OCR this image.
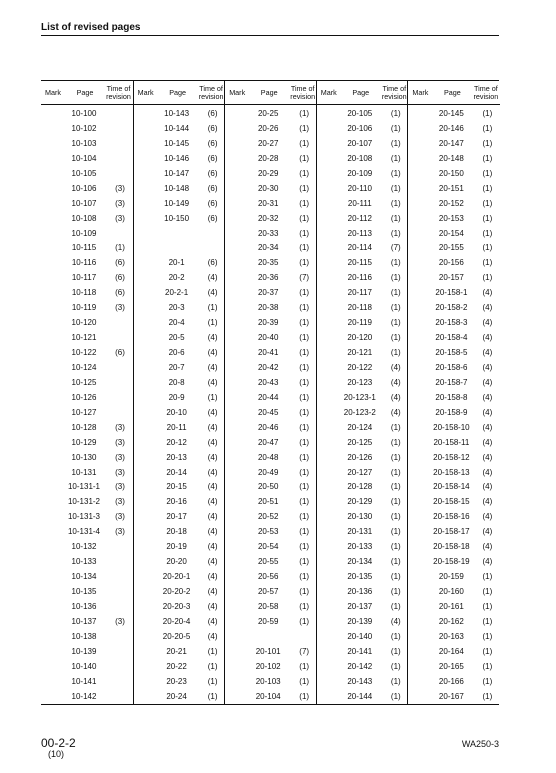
List of revised pages
Mark	Page	Time of
revision
10-100
10-102
10-103
10-104
10-105
10-106	(3)
10-107	(3)
10-108	(3)
10-109
10-115	(1)
10-116	(6)
10-117	(6)
10-118	(6)
10-119	(3)
10-120
10-121
10-122	(6)
10-124
10-125
10-126
10-127
10-128	(3)
10-129	(3)
10-130	(3)
10-131	(3)
10-131-1	(3)
10-131-2	(3)
10-131-3	(3)
10-131-4	(3)
10-132
10-133
10-134
10-135
10-136
10-137	(3)
10-138
10-139
10-140
10-141
10-142
Mark	Page	Time of
revision
10-143	(6)
10-144	(6)
10-145	(6)
10-146	(6)
10-147	(6)
10-148	(6)
10-149	(6)
10-150	(6)
20-1	(6)
20-2	(4)
20-2-1	(4)
20-3	(1)
20-4	(1)
20-5	(4)
20-6	(4)
20-7	(4)
20-8	(4)
20-9	(1)
20-10	(4)
20-11	(4)
20-12	(4)
20-13	(4)
20-14	(4)
20-15	(4)
20-16	(4)
20-17	(4)
20-18	(4)
20-19	(4)
20-20	(4)
20-20-1	(4)
20-20-2	(4)
20-20-3	(4)
20-20-4	(4)
20-20-5	(4)
20-21	(1)
20-22	(1)
20-23	(1)
20-24	(1)
Mark	Page	Time of
revision
20-25	(1)
20-26	(1)
20-27	(1)
20-28	(1)
20-29	(1)
20-30	(1)
20-31	(1)
20-32	(1)
20-33	(1)
20-34	(1)
20-35	(1)
20-36	(7)
20-37	(1)
20-38	(1)
20-39	(1)
20-40	(1)
20-41	(1)
20-42	(1)
20-43	(1)
20-44	(1)
20-45	(1)
20-46	(1)
20-47	(1)
20-48	(1)
20-49	(1)
20-50	(1)
20-51	(1)
20-52	(1)
20-53	(1)
20-54	(1)
20-55	(1)
20-56	(1)
20-57	(1)
20-58	(1)
20-59	(1)
20-101	(7)
20-102	(1)
20-103	(1)
20-104	(1)
Mark	Page	Time of
revision
20-105	(1)
20-106	(1)
20-107	(1)
20-108	(1)
20-109	(1)
20-110	(1)
20-111	(1)
20-112	(1)
20-113	(1)
20-114	(7)
20-115	(1)
20-116	(1)
20-117	(1)
20-118	(1)
20-119	(1)
20-120	(1)
20-121	(1)
20-122	(4)
20-123	(4)
20-123-1	(4)
20-123-2	(4)
20-124	(1)
20-125	(1)
20-126	(1)
20-127	(1)
20-128	(1)
20-129	(1)
20-130	(1)
20-131	(1)
20-133	(1)
20-134	(1)
20-135	(1)
20-136	(1)
20-137	(1)
20-139	(4)
20-140	(1)
20-141	(1)
20-142	(1)
20-143	(1)
20-144	(1)
Mark	Page	Time of
revision
20-145	(1)
20-146	(1)
20-147	(1)
20-148	(1)
20-150	(1)
20-151	(1)
20-152	(1)
20-153	(1)
20-154	(1)
20-155	(1)
20-156	(1)
20-157	(1)
20-158-1	(4)
20-158-2	(4)
20-158-3	(4)
20-158-4	(4)
20-158-5	(4)
20-158-6	(4)
20-158-7	(4)
20-158-8	(4)
20-158-9	(4)
20-158-10	(4)
20-158-11	(4)
20-158-12	(4)
20-158-13	(4)
20-158-14	(4)
20-158-15	(4)
20-158-16	(4)
20-158-17	(4)
20-158-18	(4)
20-158-19	(4)
20-159	(1)
20-160	(1)
20-161	(1)
20-162	(1)
20-163	(1)
20-164	(1)
20-165	(1)
20-166	(1)
20-167	(1)
00-2-2
(10)
WA250-3
